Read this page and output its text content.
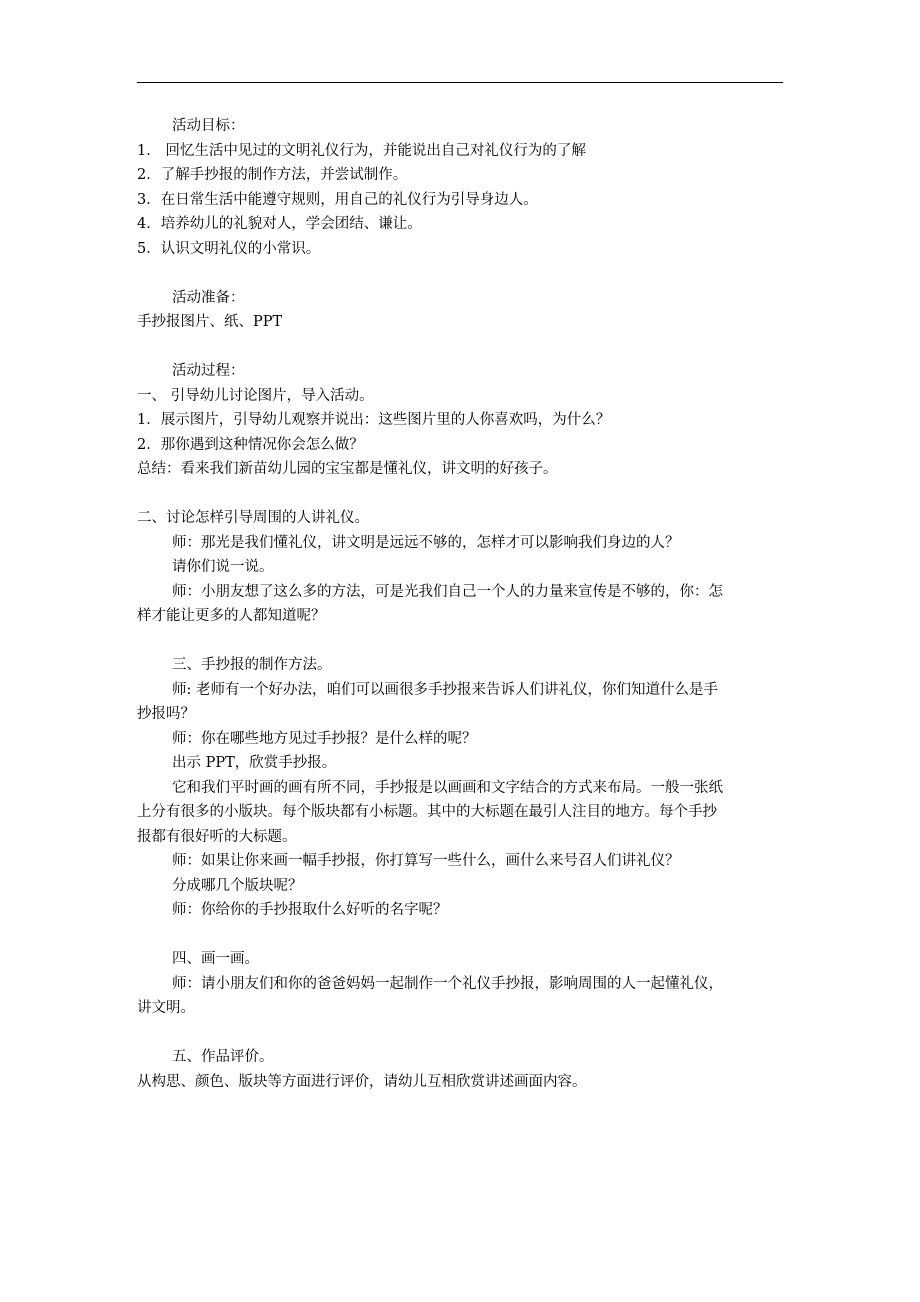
活动目标：
1． 回忆生活中见过的文明礼仪行为，并能说出自己对礼仪行为的了解
2．了解手抄报的制作方法，并尝试制作。
3．在日常生活中能遵守规则，用自己的礼仪行为引导身边人。
4．培养幼儿的礼貌对人，学会团结、谦让。
5．认识文明礼仪的小常识。
活动准备：
手抄报图片、纸、PPT
活动过程：
一、 引导幼儿讨论图片，导入活动。
1．展示图片，引导幼儿观察并说出：这些图片里的人你喜欢吗，为什么？
2．那你遇到这种情况你会怎么做？
总结：看来我们新苗幼儿园的宝宝都是懂礼仪，讲文明的好孩子。
二、讨论怎样引导周围的人讲礼仪。
师：那光是我们懂礼仪，讲文明是远远不够的，怎样才可以影响我们身边的人？
请你们说一说。
师：小朋友想了这么多的方法，可是光我们自己一个人的力量来宣传是不够的，你：怎
样才能让更多的人都知道呢？
三、手抄报的制作方法。
师: 老师有一个好办法，咱们可以画很多手抄报来告诉人们讲礼仪，你们知道什么是手
抄报吗？
师：你在哪些地方见过手抄报？是什么样的呢？
出示 PPT，欣赏手抄报。
它和我们平时画的画有所不同，手抄报是以画画和文字结合的方式来布局。一般一张纸
上分有很多的小版块。每个版块都有小标题。其中的大标题在最引人注目的地方。每个手抄
报都有很好听的大标题。
师：如果让你来画一幅手抄报，你打算写一些什么，画什么来号召人们讲礼仪？
分成哪几个版块呢？
师：你给你的手抄报取什么好听的名字呢？
四、画一画。
师：请小朋友们和你的爸爸妈妈一起制作一个礼仪手抄报，影响周围的人一起懂礼仪，
讲文明。
五、作品评价。
从构思、颜色、版块等方面进行评价，请幼儿互相欣赏讲述画面内容。
